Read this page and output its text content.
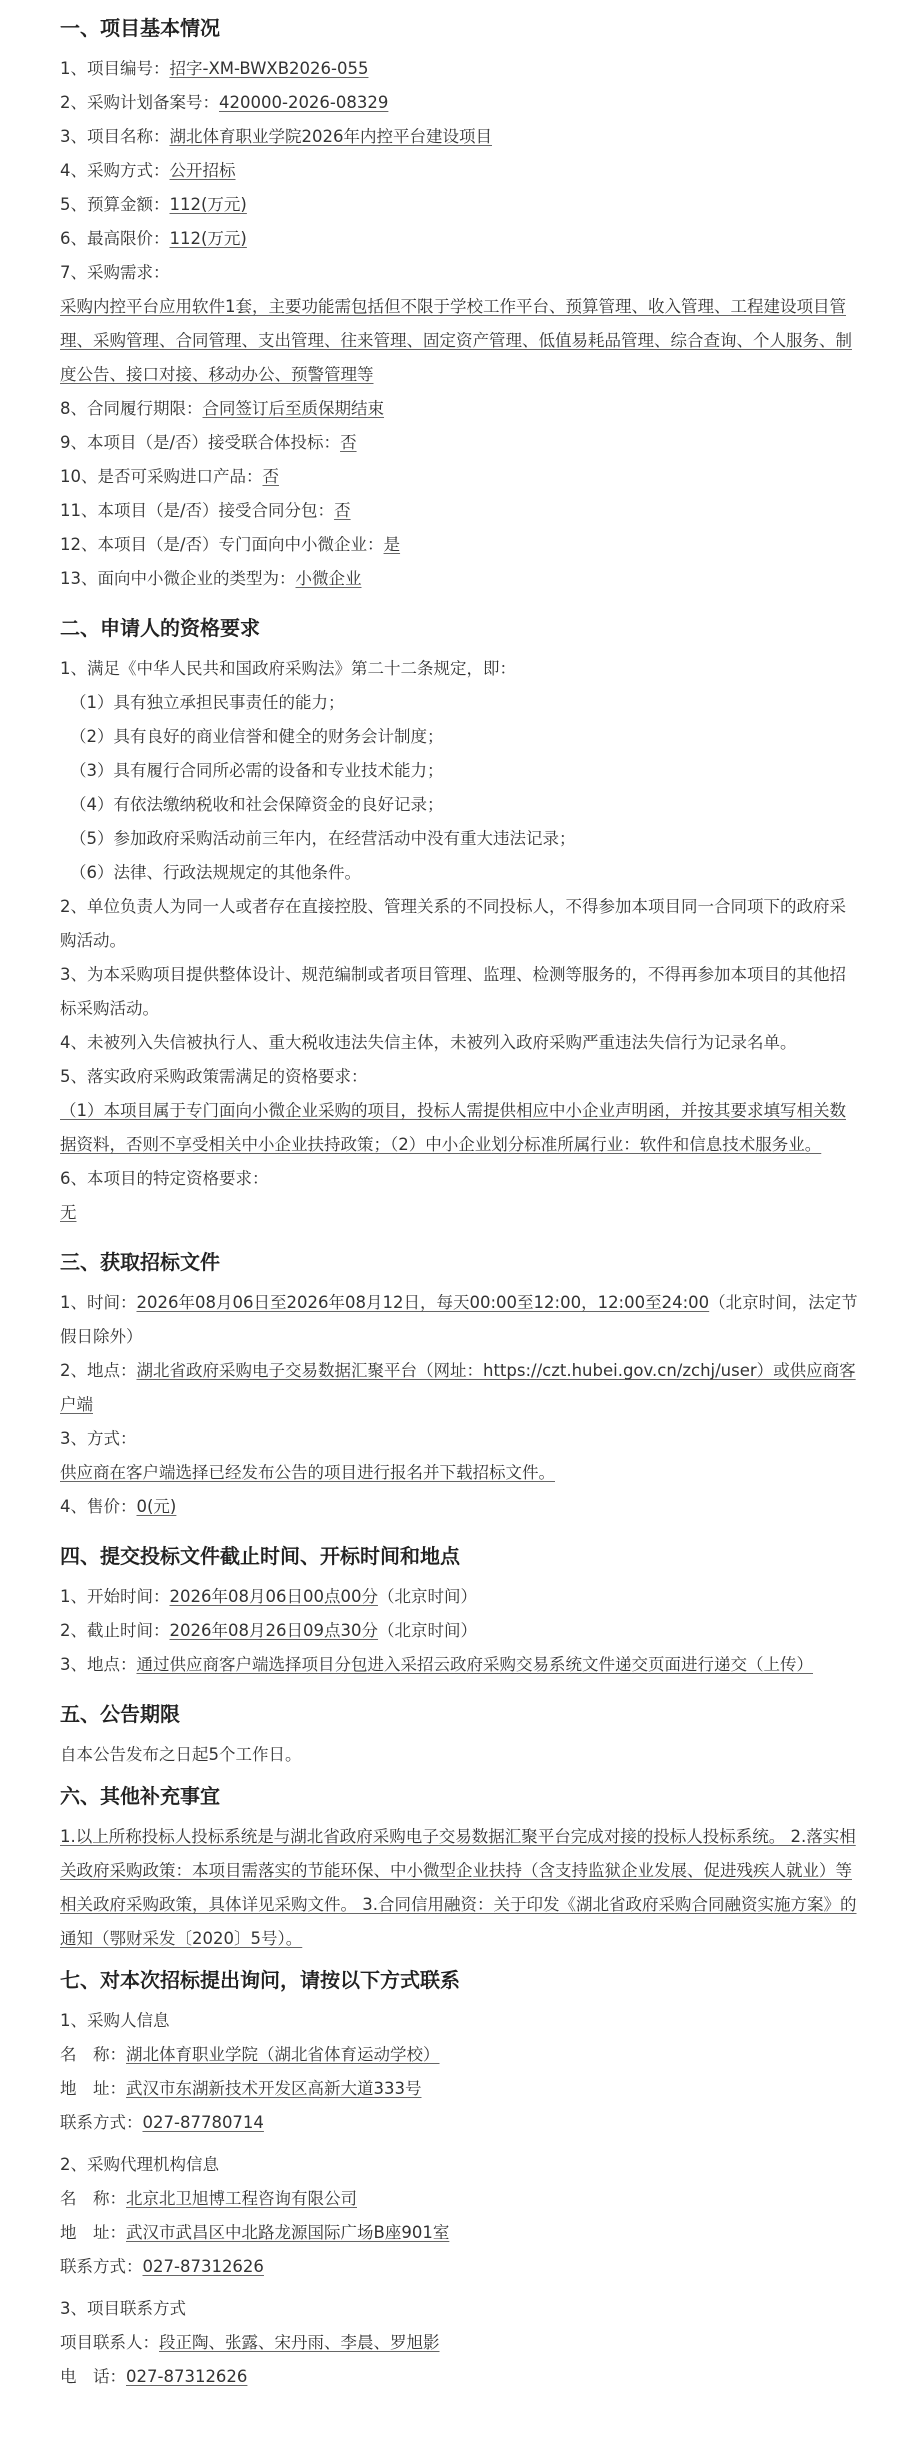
一、项目基本情况
1、项目编号：招字-XM-BWXB2026-055
2、采购计划备案号：420000-2026-08329
3、项目名称：湖北体育职业学院2026年内控平台建设项目
4、采购方式：公开招标
5、预算金额：112(万元)
6、最高限价：112(万元)
7、采购需求：
采购内控平台应用软件1套，主要功能需包括但不限于学校工作平台、预算管理、收入管理、工程建设项目管理、采购管理、合同管理、支出管理、往来管理、固定资产管理、低值易耗品管理、综合查询、个人服务、制度公告、接口对接、移动办公、预警管理等
8、合同履行期限：合同签订后至质保期结束
9、本项目（是/否）接受联合体投标：否
10、是否可采购进口产品：否
11、本项目（是/否）接受合同分包：否
12、本项目（是/否）专门面向中小微企业：是
13、面向中小微企业的类型为：小微企业
二、申请人的资格要求
1、满足《中华人民共和国政府采购法》第二十二条规定，即：
（1）具有独立承担民事责任的能力；
（2）具有良好的商业信誉和健全的财务会计制度；
（3）具有履行合同所必需的设备和专业技术能力；
（4）有依法缴纳税收和社会保障资金的良好记录；
（5）参加政府采购活动前三年内，在经营活动中没有重大违法记录；
（6）法律、行政法规规定的其他条件。
2、单位负责人为同一人或者存在直接控股、管理关系的不同投标人，不得参加本项目同一合同项下的政府采购活动。
3、为本采购项目提供整体设计、规范编制或者项目管理、监理、检测等服务的，不得再参加本项目的其他招标采购活动。
4、未被列入失信被执行人、重大税收违法失信主体，未被列入政府采购严重违法失信行为记录名单。
5、落实政府采购政策需满足的资格要求：
（1）本项目属于专门面向小微企业采购的项目，投标人需提供相应中小企业声明函，并按其要求填写相关数据资料，否则不享受相关中小企业扶持政策；（2）中小企业划分标准所属行业：软件和信息技术服务业。
6、本项目的特定资格要求：
无
三、获取招标文件
1、时间：2026年08月06日至2026年08月12日，每天00:00至12:00，12:00至24:00（北京时间，法定节假日除外）
2、地点：湖北省政府采购电子交易数据汇聚平台（网址：https://czt.hubei.gov.cn/zchj/user）或供应商客户端
3、方式：
供应商在客户端选择已经发布公告的项目进行报名并下载招标文件。
4、售价：0(元)
四、提交投标文件截止时间、开标时间和地点
1、开始时间：2026年08月06日00点00分（北京时间）
2、截止时间：2026年08月26日09点30分（北京时间）
3、地点：通过供应商客户端选择项目分包进入采招云政府采购交易系统文件递交页面进行递交（上传）
五、公告期限
自本公告发布之日起5个工作日。
六、其他补充事宜
1.以上所称投标人投标系统是与湖北省政府采购电子交易数据汇聚平台完成对接的投标人投标系统。 2.落实相关政府采购政策：本项目需落实的节能环保、中小微型企业扶持（含支持监狱企业发展、促进残疾人就业）等相关政府采购政策，具体详见采购文件。 3.合同信用融资：关于印发《湖北省政府采购合同融资实施方案》的通知（鄂财采发〔2020〕5号）。
七、对本次招标提出询问，请按以下方式联系
1、采购人信息
名　称：湖北体育职业学院（湖北省体育运动学校）
地　址：武汉市东湖新技术开发区高新大道333号
联系方式：027-87780714
2、采购代理机构信息
名　称：北京北卫旭博工程咨询有限公司
地　址：武汉市武昌区中北路龙源国际广场B座901室
联系方式：027-87312626
3、项目联系方式
项目联系人：段正陶、张露、宋丹雨、李晨、罗旭影
电　话：027-87312626
